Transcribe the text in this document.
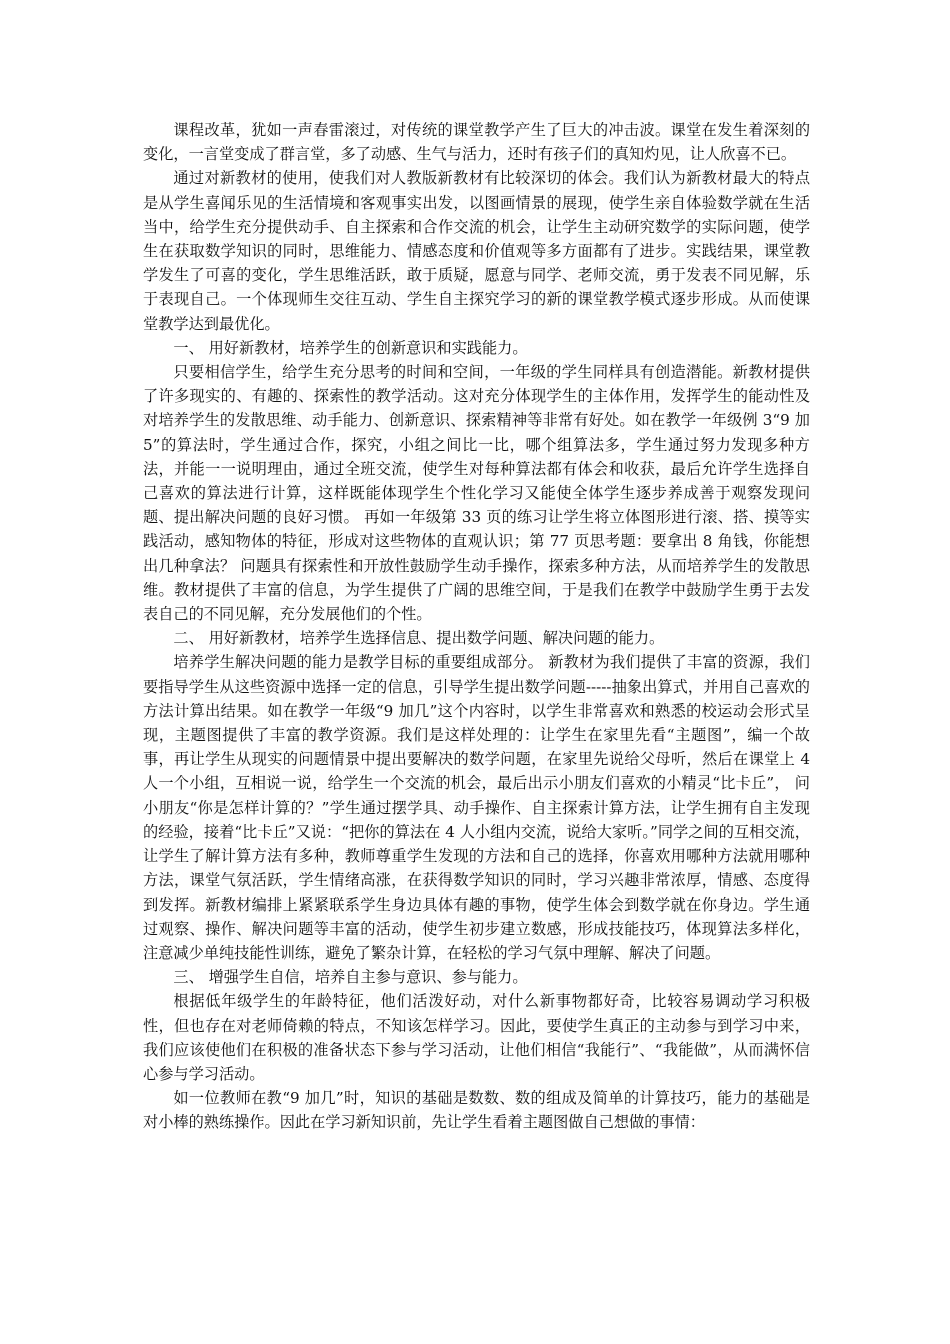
课程改革，犹如一声春雷滚过，对传统的课堂教学产生了巨大的冲击波。课堂在发生着深刻的变化，一言堂变成了群言堂，多了动感、生气与活力，还时有孩子们的真知灼见，让人欣喜不已。

通过对新教材的使用，使我们对人教版新教材有比较深切的体会。我们认为新教材最大的特点是从学生喜闻乐见的生活情境和客观事实出发，以图画情景的展现，使学生亲自体验数学就在生活当中，给学生充分提供动手、自主探索和合作交流的机会，让学生主动研究数学的实际问题，使学生在获取数学知识的同时，思维能力、情感态度和价值观等多方面都有了进步。实践结果，课堂教学发生了可喜的变化，学生思维活跃，敢于质疑，愿意与同学、老师交流，勇于发表不同见解，乐于表现自己。一个体现师生交往互动、学生自主探究学习的新的课堂教学模式逐步形成。从而使课堂教学达到最优化。

一、 用好新教材，培养学生的创新意识和实践能力。

只要相信学生，给学生充分思考的时间和空间，一年级的学生同样具有创造潜能。新教材提供了许多现实的、有趣的、探索性的教学活动。这对充分体现学生的主体作用，发挥学生的能动性及对培养学生的发散思维、动手能力、创新意识、探索精神等非常有好处。如在教学一年级例 3“9 加 5”的算法时，学生通过合作，探究，小组之间比一比，哪个组算法多，学生通过努力发现多种方法，并能一一说明理由，通过全班交流，使学生对每种算法都有体会和收获，最后允许学生选择自己喜欢的算法进行计算，这样既能体现学生个性化学习又能使全体学生逐步养成善于观察发现问题、提出解决问题的良好习惯。 再如一年级第 33 页的练习让学生将立体图形进行滚、搭、摸等实践活动，感知物体的特征，形成对这些物体的直观认识；第 77 页思考题：要拿出 8 角钱，你能想出几种拿法？ 问题具有探索性和开放性鼓励学生动手操作，探索多种方法，从而培养学生的发散思维。教材提供了丰富的信息，为学生提供了广阔的思维空间，于是我们在教学中鼓励学生勇于去发表自己的不同见解，充分发展他们的个性。

二、 用好新教材，培养学生选择信息、提出数学问题、解决问题的能力。

培养学生解决问题的能力是教学目标的重要组成部分。 新教材为我们提供了丰富的资源，我们要指导学生从这些资源中选择一定的信息，引导学生提出数学问题-----抽象出算式，并用自己喜欢的方法计算出结果。如在教学一年级“9 加几”这个内容时，以学生非常喜欢和熟悉的校运动会形式呈现，主题图提供了丰富的教学资源。我们是这样处理的：让学生在家里先看“主题图”，编一个故事，再让学生从现实的问题情景中提出要解决的数学问题，在家里先说给父母听，然后在课堂上 4 人一个小组，互相说一说，给学生一个交流的机会，最后出示小朋友们喜欢的小精灵“比卡丘”， 问小朋友“你是怎样计算的？”学生通过摆学具、动手操作、自主探索计算方法，让学生拥有自主发现的经验，接着“比卡丘”又说：“把你的算法在 4 人小组内交流，说给大家听。”同学之间的互相交流，让学生了解计算方法有多种，教师尊重学生发现的方法和自己的选择，你喜欢用哪种方法就用哪种方法，课堂气氛活跃，学生情绪高涨，在获得数学知识的同时，学习兴趣非常浓厚，情感、态度得到发挥。新教材编排上紧紧联系学生身边具体有趣的事物，使学生体会到数学就在你身边。学生通过观察、操作、解决问题等丰富的活动，使学生初步建立数感，形成技能技巧，体现算法多样化，注意减少单纯技能性训练，避免了繁杂计算，在轻松的学习气氛中理解、解决了问题。

三、 增强学生自信，培养自主参与意识、参与能力。

根据低年级学生的年龄特征，他们活泼好动，对什么新事物都好奇，比较容易调动学习积极性，但也存在对老师倚赖的特点，不知该怎样学习。因此，要使学生真正的主动参与到学习中来，我们应该使他们在积极的准备状态下参与学习活动，让他们相信“我能行”、“我能做”，从而满怀信心参与学习活动。

如一位教师在教“9 加几”时，知识的基础是数数、数的组成及简单的计算技巧，能力的基础是对小棒的熟练操作。因此在学习新知识前，先让学生看着主题图做自己想做的事情：
